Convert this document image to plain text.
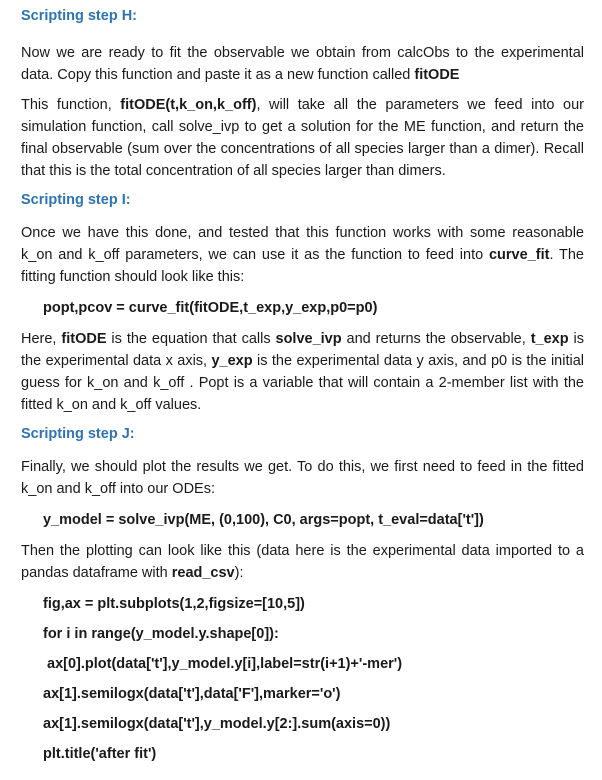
Scripting step H:

Now we are ready to fit the observable we obtain from calcObs to the experimental data. Copy this function and paste it as a new function called fitODE

This function, fitODE(t,k_on,k_off), will take all the parameters we feed into our simulation function, call solve_ivp to get a solution for the ME function, and return the final observable (sum over the concentrations of all species larger than a dimer). Recall that this is the total concentration of all species larger than dimers.

Scripting step I:

Once we have this done, and tested that this function works with some reasonable k_on and k_off parameters, we can use it as the function to feed into curve_fit. The fitting function should look like this:

popt,pcov = curve_fit(fitODE,t_exp,y_exp,p0=p0)

Here, fitODE is the equation that calls solve_ivp and returns the observable, t_exp is the experimental data x axis, y_exp is the experimental data y axis, and p0 is the initial guess for k_on and k_off . Popt is a variable that will contain a 2-member list with the fitted k_on and k_off values.

Scripting step J:

Finally, we should plot the results we get. To do this, we first need to feed in the fitted k_on and k_off into our ODEs:

y_model = solve_ivp(ME, (0,100), C0, args=popt, t_eval=data['t'])

Then the plotting can look like this (data here is the experimental data imported to a pandas dataframe with read_csv):

fig,ax = plt.subplots(1,2,figsize=[10,5])
for i in range(y_model.y.shape[0]):
ax[0].plot(data['t'],y_model.y[i],label=str(i+1)+'-mer')
ax[1].semilogx(data['t'],data['F'],marker='o')
ax[1].semilogx(data['t'],y_model.y[2:].sum(axis=0))
plt.title('after fit')
